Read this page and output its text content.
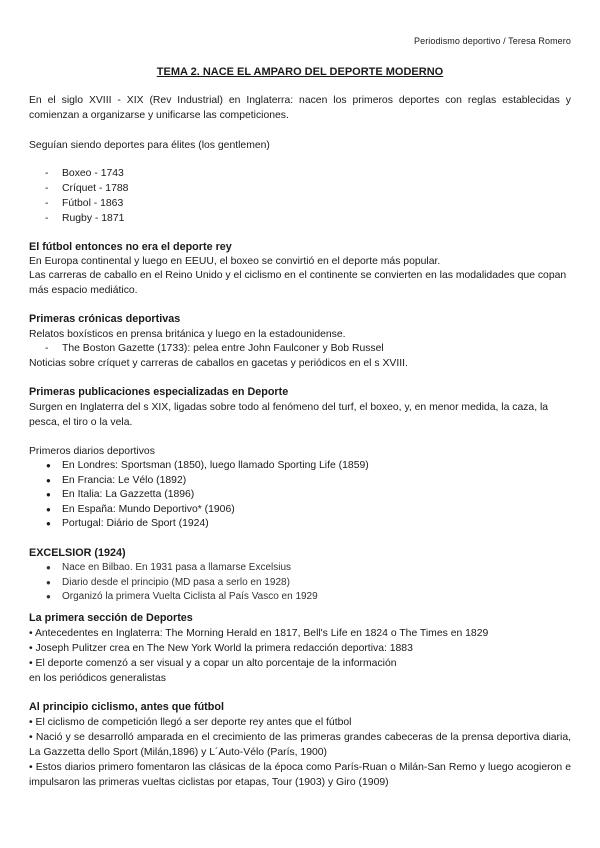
Periodismo deportivo / Teresa Romero
TEMA 2. NACE EL AMPARO DEL DEPORTE MODERNO
En el siglo XVIII - XIX (Rev Industrial) en Inglaterra: nacen los primeros deportes con reglas establecidas y comienzan a organizarse y unificarse las competiciones.
Seguían siendo deportes para élites (los gentlemen)
- Boxeo - 1743
- Críquet - 1788
- Fútbol - 1863
- Rugby - 1871
El fútbol entonces no era el deporte rey
En Europa continental y luego en EEUU, el boxeo se convirtió en el deporte más popular.
Las carreras de caballo en el Reino Unido y el ciclismo en el continente se convierten en las modalidades que copan más espacio mediático.
Primeras crónicas deportivas
Relatos boxísticos en prensa británica y luego en la estadounidense.
- The Boston Gazette (1733): pelea entre John Faulconer y Bob Russel
Noticias sobre críquet y carreras de caballos en gacetas y periódicos en el s XVIII.
Primeras publicaciones especializadas en Deporte
Surgen en Inglaterra del s XIX, ligadas sobre todo al fenómeno del turf, el boxeo, y, en menor medida, la caza, la pesca, el tiro o la vela.
Primeros diarios deportivos
● En Londres: Sportsman (1850), luego llamado Sporting Life (1859)
● En Francia: Le Vélo (1892)
● En Italia: La Gazzetta (1896)
● En España: Mundo Deportivo* (1906)
● Portugal: Diário de Sport (1924)
EXCELSIOR (1924)
● Nace en Bilbao. En 1931 pasa a llamarse Excelsius
● Diario desde el principio (MD pasa a serlo en 1928)
● Organizó la primera Vuelta Ciclista al País Vasco en 1929
La primera sección de Deportes
• Antecedentes en Inglaterra: The Morning Herald en 1817, Bell's Life en 1824 o The Times en 1829
• Joseph Pulitzer crea en The New York World la primera redacción deportiva: 1883
• El deporte comenzó a ser visual y a copar un alto porcentaje de la información
en los periódicos generalistas
Al principio ciclismo, antes que fútbol
• El ciclismo de competición llegó a ser deporte rey antes que el fútbol
• Nació y se desarrolló amparada en el crecimiento de las primeras grandes cabeceras de la prensa deportiva diaria, La Gazzetta dello Sport (Milán,1896) y L´Auto-Vélo (París, 1900)
• Estos diarios primero fomentaron las clásicas de la época como París-Ruan o Milán-San Remo y luego acogieron e impulsaron las primeras vueltas ciclistas por etapas, Tour (1903) y Giro (1909)
